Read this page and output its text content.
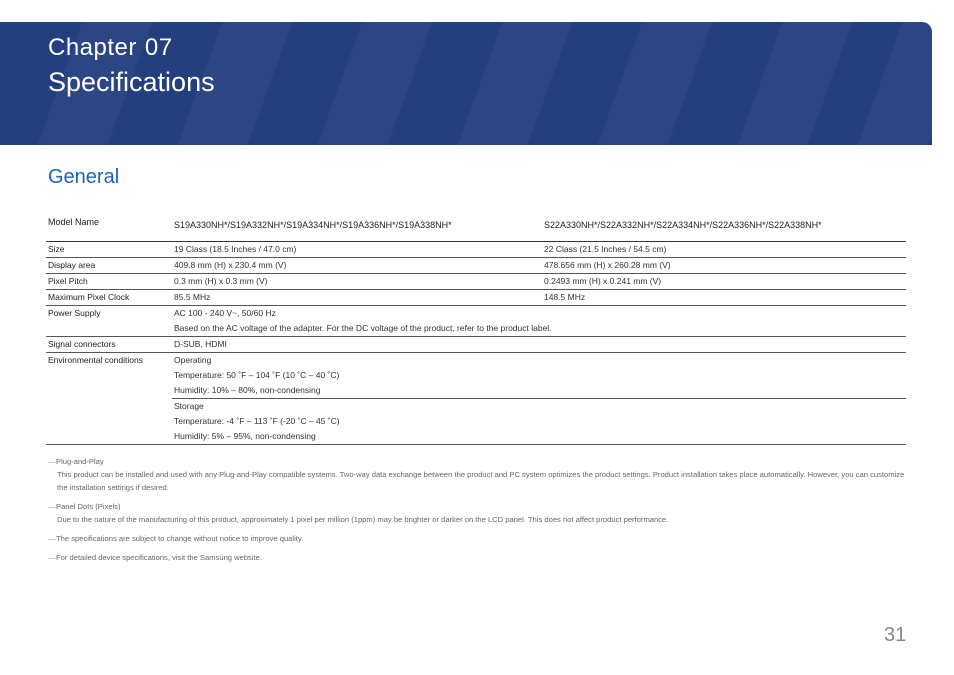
Chapter 07
Specifications
General
Model Name	S19A330NH*/S19A332NH*/S19A334NH*/S19A336NH*/S19A338NH*	S22A330NH*/S22A332NH*/S22A334NH*/S22A336NH*/S22A338NH*
Size	19 Class (18.5 Inches / 47.0 cm)	22 Class (21.5 Inches / 54.5 cm)
Display area	409.8 mm (H) x 230.4 mm (V)	478.656 mm (H) x 260.28 mm (V)
Pixel Pitch	0.3 mm (H) x 0.3 mm (V)	0.2493 mm (H) x 0.241 mm (V)
Maximum Pixel Clock	85.5 MHz	148.5 MHz
Power Supply	AC 100 - 240 V~, 50/60 Hz	
	Based on the AC voltage of the adapter. For the DC voltage of the product, refer to the product label.	
Signal connectors	D-SUB, HDMI	
Environmental conditions	Operating	
	Temperature: 50 ˚F – 104 ˚F (10 ˚C – 40 ˚C)	
	Humidity: 10% – 80%, non-condensing	
	Storage	
	Temperature: -4 ˚F – 113 ˚F (-20 ˚C – 45 ˚C)	
	Humidity: 5% – 95%, non-condensing	
―Plug-and-Play
This product can be installed and used with any Plug-and-Play compatible systems. Two-way data exchange between the product and PC system optimizes the product settings. Product installation takes place automatically. However, you can customize the installation settings if desired.
―Panel Dots (Pixels)
Due to the nature of the manufacturing of this product, approximately 1 pixel per million (1ppm) may be brighter or darker on the LCD panel. This does not affect product performance.
―The specifications are subject to change without notice to improve quality.
―For detailed device specifications, visit the Samsung website.
31
